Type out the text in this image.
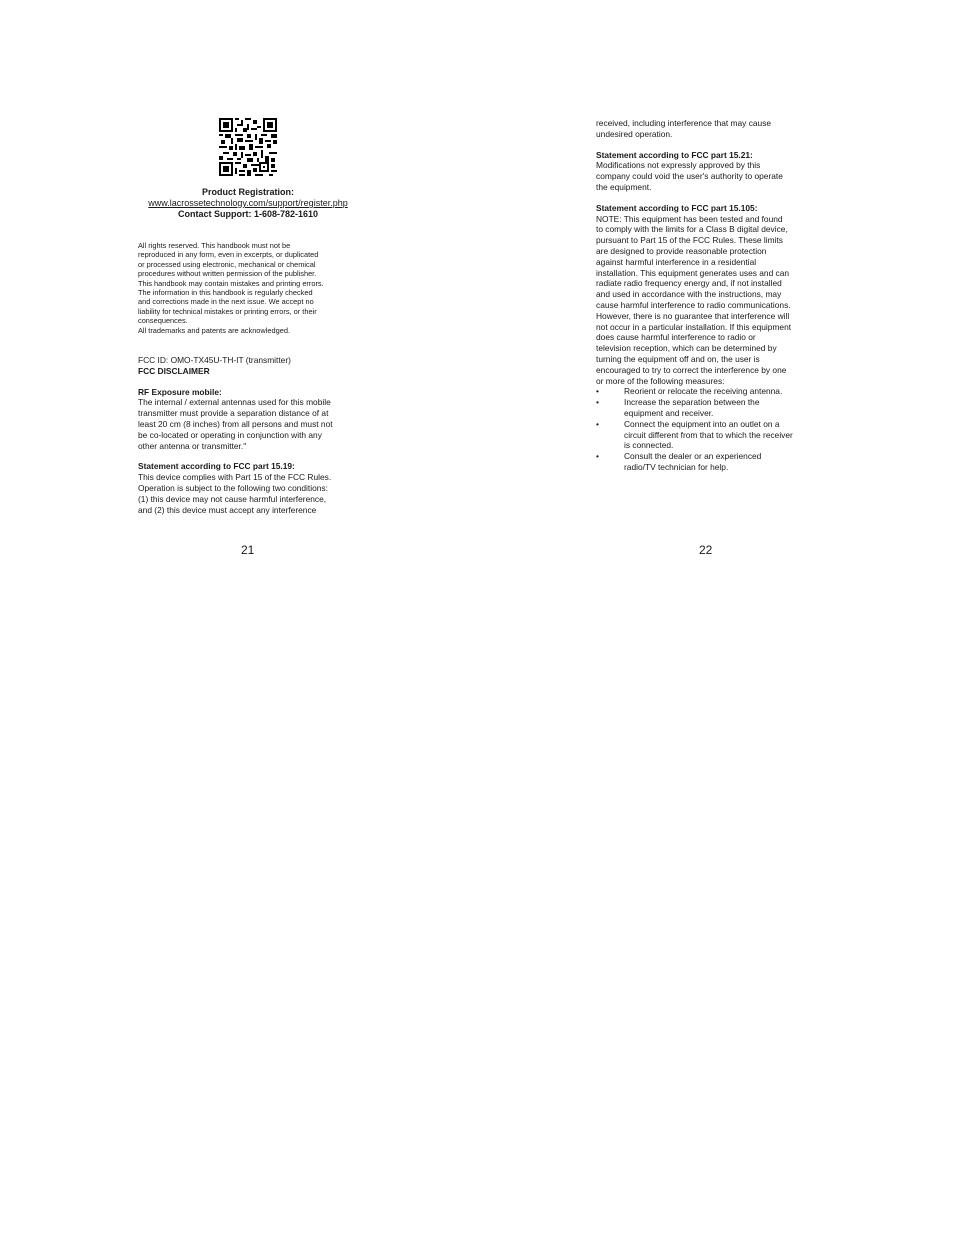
Product Registration:
www.lacrossetechnology.com/support/register.php
Contact Support: 1-608-782-1610

All rights reserved. This handbook must not be

reproduced in any form, even in excerpts, or duplicated

or processed using electronic, mechanical or chemical

procedures without written permission of the publisher.

This handbook may contain mistakes and printing errors.

The information in this handbook is regularly checked

and corrections made in the next issue. We accept no

liability for technical mistakes or printing errors, or their

consequences.

All trademarks and patents are acknowledged.

FCC ID: OMO-TX45U-TH-IT (transmitter)

FCC DISCLAIMER

RF Exposure mobile:

The internal / external antennas used for this mobile

transmitter must provide a separation distance of at

least 20 cm (8 inches) from all persons and must not

be co-located or operating in conjunction with any

other antenna or transmitter."

Statement according to FCC part 15.19:

This device complies with Part 15 of the FCC Rules.

Operation is subject to the following two conditions:

(1) this device may not cause harmful interference,

and (2) this device must accept any interference

21

received, including interference that may cause

undesired operation.

Statement according to FCC part 15.21:

Modifications not expressly approved by this

company could void the user's authority to operate

the equipment.

Statement according to FCC part 15.105:

NOTE: This equipment has been tested and found

to comply with the limits for a Class B digital device,

pursuant to Part 15 of the FCC Rules. These limits

are designed to provide reasonable protection

against harmful interference in a residential

installation. This equipment generates uses and can

radiate radio frequency energy and, if not installed

and used in accordance with the instructions, may

cause harmful interference to radio communications.

However, there is no guarantee that interference will

not occur in a particular installation. If this equipment

does cause harmful interference to radio or

television reception, which can be determined by

turning the equipment off and on, the user is

encouraged to try to correct the interference by one

or more of the following measures:

•	Reorient or relocate the receiving antenna.
•	Increase the separation between the
equipment and receiver.
•	Connect the equipment into an outlet on a
circuit different from that to which the receiver
is connected.
•	Consult the dealer or an experienced
radio/TV technician for help.
22
